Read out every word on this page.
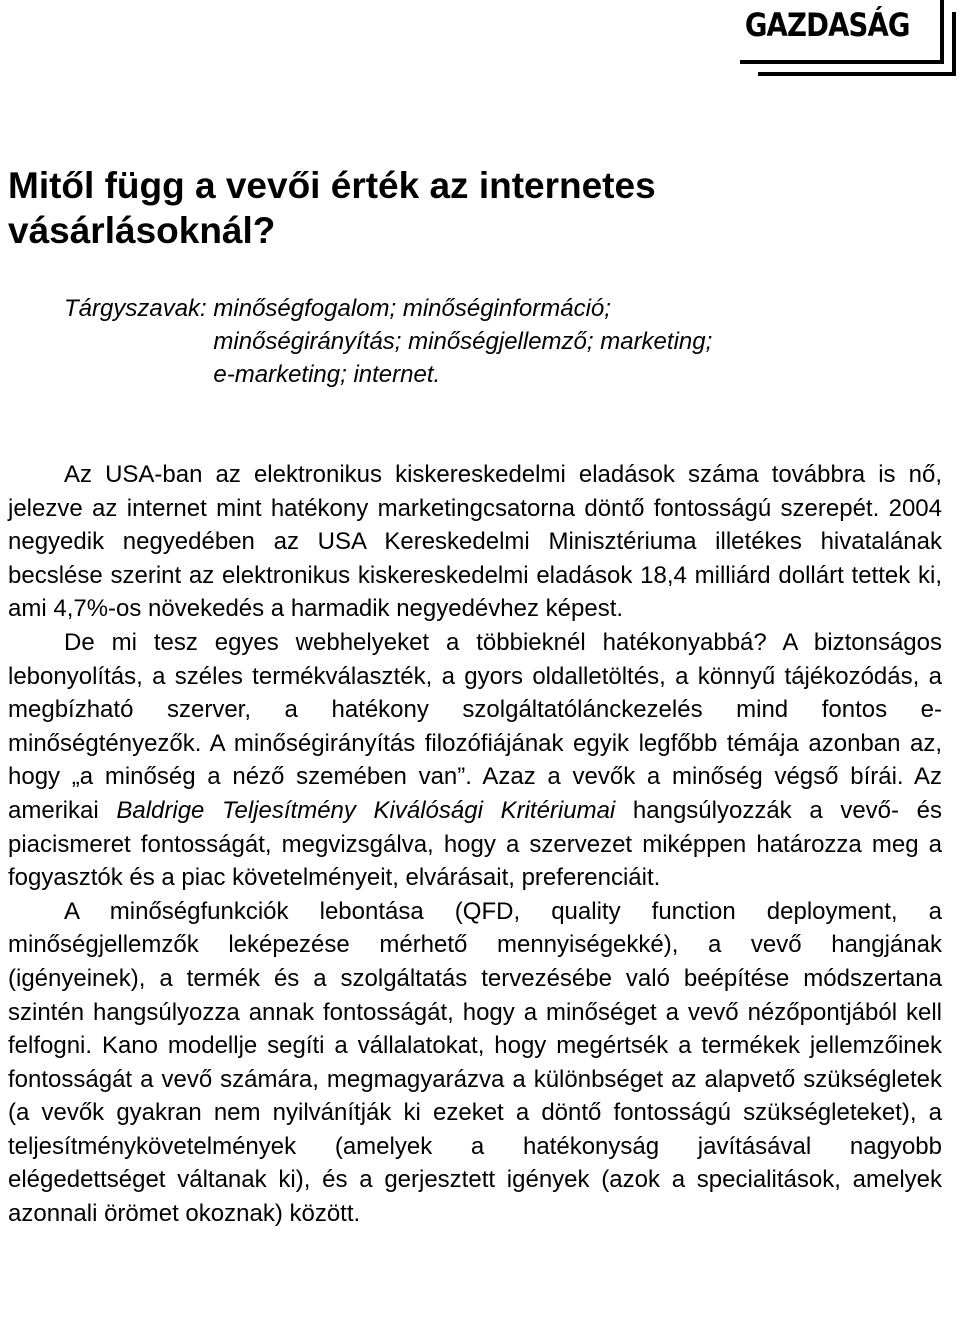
GAZDASÁG
Mitől függ a vevői érték az internetes vásárlásoknál?
Tárgyszavak: minőségfogalom; minőséginformáció;
minőségirányítás; minőségjellemző; marketing;
e-marketing; internet.

Az USA-ban az elektronikus kiskereskedelmi eladások száma továbbra is nő, jelezve az internet mint hatékony marketingcsatorna döntő fontosságú szerepét. 2004 negyedik negyedében az USA Kereskedelmi Minisztériuma illetékes hivatalának becslése szerint az elektronikus kiskereskedelmi eladások 18,4 milliárd dollárt tettek ki, ami 4,7%-os növekedés a harmadik negyedévhez képest.

De mi tesz egyes webhelyeket a többieknél hatékonyabbá? A biztonságos lebonyolítás, a széles termékválaszték, a gyors oldalletöltés, a könnyű tájékozódás, a megbízható szerver, a hatékony szolgáltatólánckezelés mind fontos e-minőségtényezők. A minőségirányítás filozófiájának egyik legfőbb témája azonban az, hogy „a minőség a néző szemében van”. Azaz a vevők a minőség végső bírái. Az amerikai Baldrige Teljesítmény Kiválósági Kritériumai hangsúlyozzák a vevő- és piacismeret fontosságát, megvizsgálva, hogy a szervezet miképpen határozza meg a fogyasztók és a piac követelményeit, elvárásait, preferenciáit.

A minőségfunkciók lebontása (QFD, quality function deployment, a minőségjellemzők leképezése mérhető mennyiségekké), a vevő hangjának (igényeinek), a termék és a szolgáltatás tervezésébe való beépítése módszertana szintén hangsúlyozza annak fontosságát, hogy a minőséget a vevő nézőpontjából kell felfogni. Kano modellje segíti a vállalatokat, hogy megértsék a termékek jellemzőinek fontosságát a vevő számára, megmagyarázva a különbséget az alapvető szükségletek (a vevők gyakran nem nyilvánítják ki ezeket a döntő fontosságú szükségleteket), a teljesítménykövetelmények (amelyek a hatékonyság javításával nagyobb elégedettséget váltanak ki), és a gerjesztett igények (azok a specialitások, amelyek azonnali örömet okoznak) között.
